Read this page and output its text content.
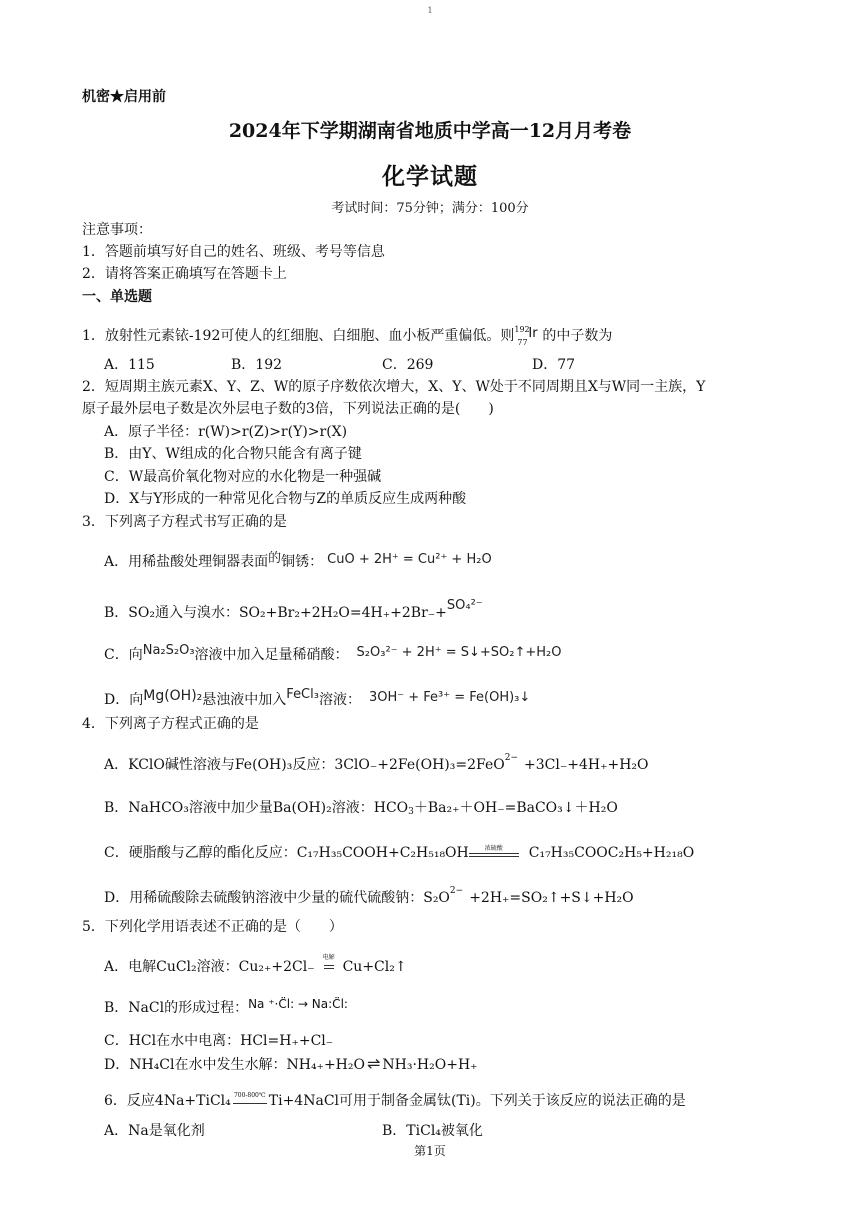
1
机密★启用前
2024年下学期湖南省地质中学高一12月月考卷
化学试题
考试时间：75分钟；满分：100分
注意事项：
1．答题前填写好自己的姓名、班级、考号等信息
2．请将答案正确填写在答题卡上
一、单选题
1．放射性元素铱-192可使人的红细胞、白细胞、血小板严重偏低。则 192
77
Ir 的中子数为
A．115	B．192	C．269	D．77
2．短周期主族元素X、Y、Z、W的原子序数依次增大，X、Y、W处于不同周期且X与W同一主族，Y
原子最外层电子数是次外层电子数的3倍，下列说法正确的是(　　)
A．原子半径：r(W)>r(Z)>r(Y)>r(X)
B．由Y、W组成的化合物只能含有离子键
C．W最高价氧化物对应的水化物是一种强碱
D．X与Y形成的一种常见化合物与Z的单质反应生成两种酸
3．下列离子方程式书写正确的是
A．用稀盐酸处理铜器表面的铜锈： CuO + 2H⁺ = Cu²⁺ + H₂O
B．SO₂通入与溴水：SO₂+Br₂+2H₂O=4H₊+2Br₋+SO₄²⁻
C．向Na₂S₂O₃溶液中加入足量稀硝酸： S₂O₃²⁻ + 2H⁺ = S↓+SO₂↑+H₂O
D．向Mg(OH)₂悬浊液中加入FeCl₃溶液： 3OH⁻ + Fe³⁺ = Fe(OH)₃↓
4．下列离子方程式正确的是
A．KClO碱性溶液与Fe(OH)₃反应：3ClO₋+2Fe(OH)₃=2FeO$^{2-}$ +3Cl₋+4H₊+H₂O
B．NaHCO₃溶液中加少量Ba(OH)₂溶液：HCO3＋Ba₂₊＋OH₋=BaCO₃↓＋H₂O
C．硬脂酸与乙醇的酯化反应：C₁₇H₃₅COOH+C₂H₅₁₈OH	浓硫酸	C₁₇H₃₅COOC₂H₅+H₂₁₈O
D．用稀硫酸除去硫酸钠溶液中少量的硫代硫酸钠：$S_2O^{2-}$ +2H₊=SO₂↑+S↓+H₂O
5．下列化学用语表述不正确的是（　　）
A．电解CuCl₂溶液：Cu₂₊+2Cl₋
电解
Cu+Cl₂↑
B．NaCl的形成过程：Na ⁺·C̈l: → Na:C̈l:
C．HCl在水中电离：HCl=H₊+Cl₋
D．NH₄Cl在水中发生水解：NH₄₊+H₂O ⇌ NH₃·H₂O+H₊
6．反应4Na+TiCl₄ 700-800℃ Ti+4NaCl可用于制备金属钛(Ti)。下列关于该反应的说法正确的是
A．Na是氧化剂	B．TiCl₄被氧化
第1页
